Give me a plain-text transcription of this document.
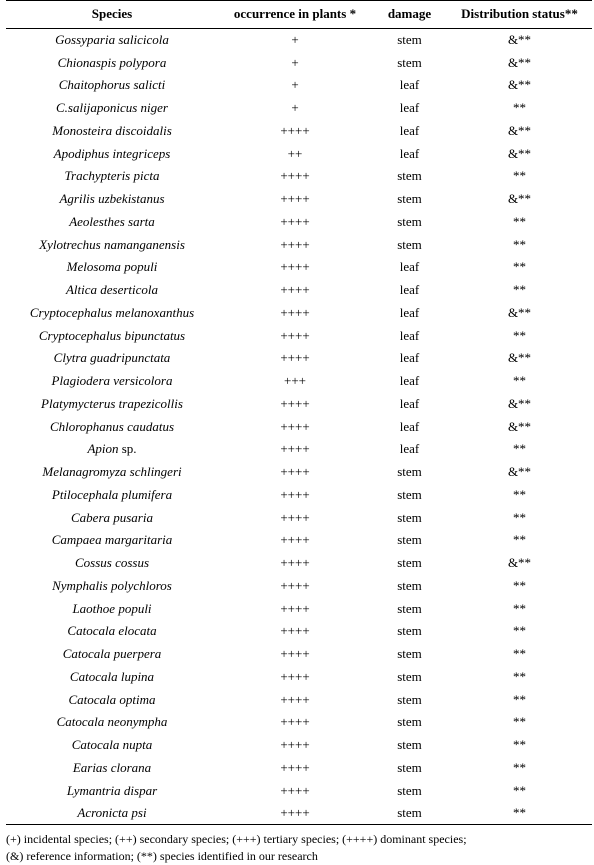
Species	occurrence in plants *	damage	Distribution status**
Gossyparia salicicola	+	stem	&**
Chionaspis polypora	+	stem	&**
Chaitophorus salicti	+	leaf	&**
C.salijaponicus niger	+	leaf	**
Monosteira discoidalis	++++	leaf	&**
Apodiphus integriceps	++	leaf	&**
Trachypteris picta	++++	stem	**
Agrilis uzbekistanus	++++	stem	&**
Aeolesthes sarta	++++	stem	**
Xylotrechus namanganensis	++++	stem	**
Melosoma populi	++++	leaf	**
Altica deserticola	++++	leaf	**
Cryptocephalus melanoxanthus	++++	leaf	&**
Cryptocephalus bipunctatus	++++	leaf	**
Clytra guadripunctata	++++	leaf	&**
Plagiodera versicolora	+++	leaf	**
Platymycterus trapezicollis	++++	leaf	&**
Chlorophanus caudatus	++++	leaf	&**
Apion sp.	++++	leaf	**
Melanagromyza schlingeri	++++	stem	&**
Ptilocephala plumifera	++++	stem	**
Cabera pusaria	++++	stem	**
Campaea margaritaria	++++	stem	**
Cossus cossus	++++	stem	&**
Nymphalis polychloros	++++	stem	**
Laothoe populi	++++	stem	**
Catocala elocata	++++	stem	**
Catocala puerpera	++++	stem	**
Catocala lupina	++++	stem	**
Catocala optima	++++	stem	**
Catocala neonympha	++++	stem	**
Catocala nupta	++++	stem	**
Earias clorana	++++	stem	**
Lymantria dispar	++++	stem	**
Acronicta psi	++++	stem	**
(+) incidental species; (++) secondary species; (+++) tertiary species; (++++) dominant species;
(&) reference information; (**) species identified in our research
